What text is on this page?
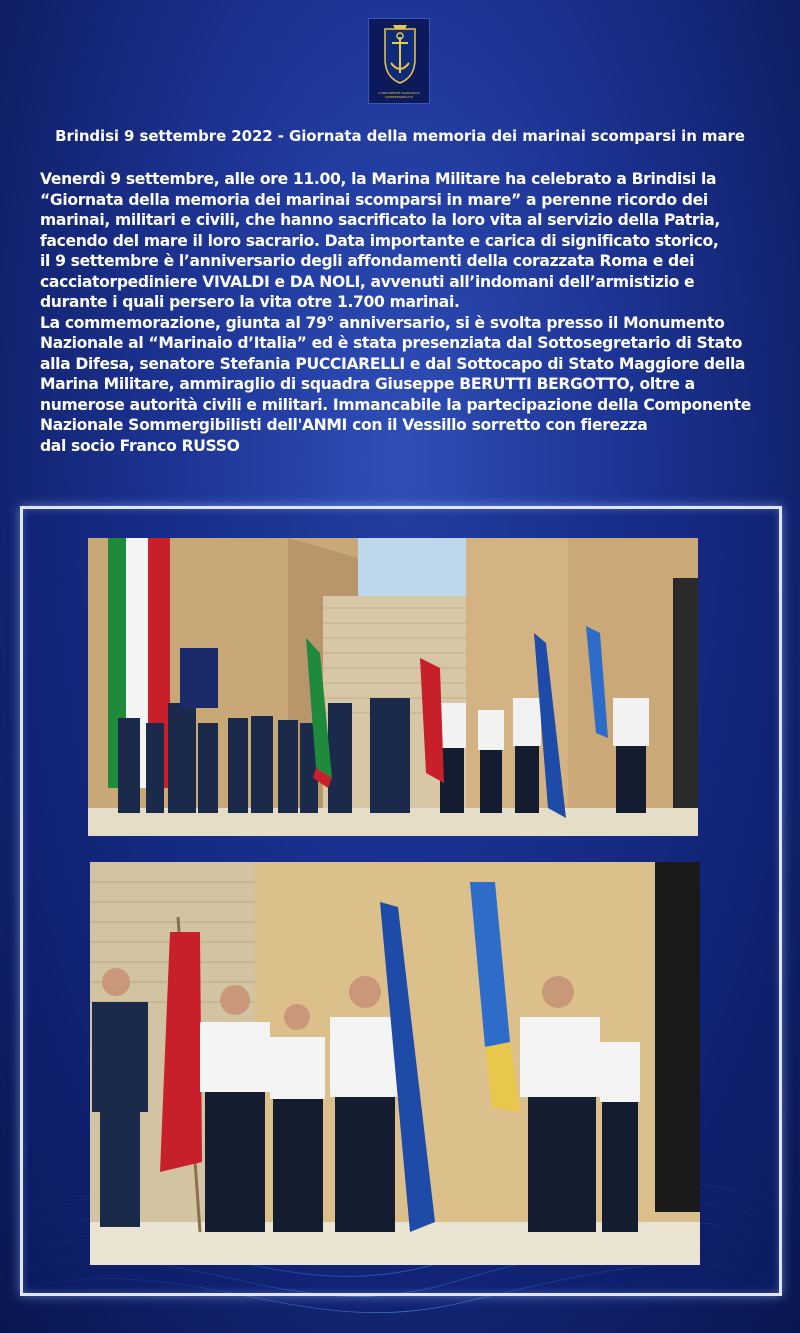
COMPONENTE NAZIONALE SOMMERGIBILISTI
Brindisi 9 settembre 2022 - Giornata della memoria dei marinai scomparsi in mare

Venerdì 9 settembre, alle ore 11.00, la Marina Militare ha celebrato a Brindisi la
“Giornata della memoria dei marinai scomparsi in mare” a perenne ricordo dei
marinai, militari e civili, che hanno sacrificato la loro vita al servizio della Patria,
facendo del mare il loro sacrario. Data importante e carica di significato storico,
il 9 settembre è l’anniversario degli affondamenti della corazzata Roma e dei
cacciatorpediniere VIVALDI e DA NOLI, avvenuti all’indomani dell’armistizio e
durante i quali persero la vita otre 1.700 marinai.

La commemorazione, giunta al 79° anniversario, si è svolta presso il Monumento
Nazionale al “Marinaio d’Italia” ed è stata presenziata dal Sottosegretario di Stato
alla Difesa, senatore Stefania PUCCIARELLI e dal Sottocapo di Stato Maggiore della
Marina Militare, ammiraglio di squadra Giuseppe BERUTTI BERGOTTO, oltre a
numerose autorità civili e militari. Immancabile la partecipazione della Componente
Nazionale Sommergibilisti dell'ANMI con il Vessillo sorretto con fierezza
dal socio Franco RUSSO
